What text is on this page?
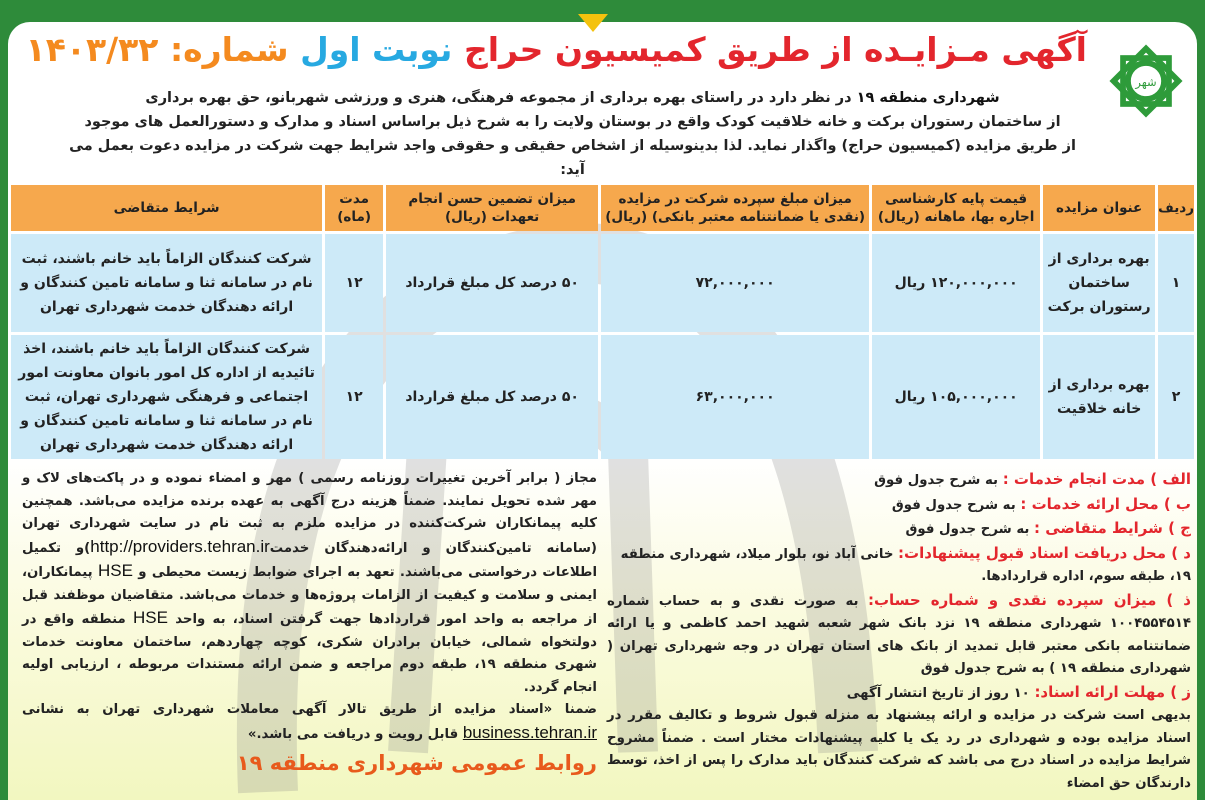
شهر
آگهی مـزایـده از طریق کمیسیون حراج نوبت اول شماره: ۱۴۰۳/۳۲
شهرداری منطقه ۱۹ در نظر دارد در راستای بهره برداری از مجموعه فرهنگی، هنری و ورزشی شهربانو، حق بهره برداری
از ساختمان رستوران برکت و خانه خلاقیت کودک واقع در بوستان ولایت را به شرح ذیل براساس اسناد و مدارک و دستورالعمل های موجود
از طریق مزایده (کمیسیون حراج) واگذار نماید. لذا بدینوسیله از اشخاص حقیقی و حقوقی واجد شرایط جهت شرکت در مزایده دعوت بعمل می آید:
ردیف	عنوان مزایده	قیمت پایه کارشناسی اجاره بها، ماهانه (ریال)	میزان مبلغ سپرده شرکت در مزایده (نقدی یا ضمانتنامه معتبر بانکی) (ریال)	میزان تضمین حسن انجام تعهدات (ریال)	مدت (ماه)	شرایط متقاضی
۱	بهره برداری از ساختمان رستوران برکت	۱۲۰,۰۰۰,۰۰۰ ریال	۷۲,۰۰۰,۰۰۰	۵۰ درصد کل مبلغ قرارداد	۱۲	شرکت کنندگان الزاماً باید خانم باشند، ثبت نام در سامانه ثنا و سامانه تامین کنندگان و ارائه دهندگان خدمت شهرداری تهران
۲	بهره برداری از خانه خلاقیت	۱۰۵,۰۰۰,۰۰۰ ریال	۶۳,۰۰۰,۰۰۰	۵۰ درصد کل مبلغ قرارداد	۱۲	شرکت کنندگان الزاماً باید خانم باشند، اخذ تائیدیه از اداره کل امور بانوان معاونت امور اجتماعی و فرهنگی شهرداری تهران، ثبت نام در سامانه ثنا و سامانه تامین کنندگان و ارائه دهندگان خدمت شهرداری تهران
الف ) مدت انجام خدمات : به شرح جدول فوق
ب ) محل ارائه خدمات : به شرح جدول فوق
ج ) شرایط متقاضی : به شرح جدول فوق
د ) محل دریافت اسناد قبول پیشنهادات: خانی آباد نو، بلوار میلاد، شهرداری منطقه ۱۹، طبقه سوم، اداره قراردادها.
ذ ) میزان سپرده نقدی و شماره حساب: به صورت نقدی و به حساب شماره ۱۰۰۴۵۵۴۵۱۴ شهرداری منطقه ۱۹ نزد بانک شهر شعبه شهید احمد کاظمی و یا ارائه ضمانتنامه بانکی معتبر قابل تمدید از بانک های استان تهران در وجه شهرداری تهران ( شهرداری منطقه ۱۹ ) به شرح جدول فوق
ز ) مهلت ارائه اسناد: ۱۰ روز از تاریخ انتشار آگهی
بدیهی است شرکت در مزایده و ارائه پیشنهاد به منزله قبول شروط و تکالیف مقرر در اسناد مزایده بوده و شهرداری در رد یک یا کلیه پیشنهادات مختار است . ضمناً مشروح شرایط مزایده در اسناد درج می باشد که شرکت کنندگان باید مدارک را پس از اخذ، توسط دارندگان حق امضاء
مجاز ( برابر آخرین تغییرات روزنامه رسمی ) مهر و امضاء نموده و در پاکت‌های لاک و مهر شده تحویل نمایند. ضمناً هزینه درج آگهی به عهده برنده مزایده می‌باشد. همچنین کلیه پیمانکاران شرکت‌کننده در مزایده ملزم به ثبت نام در سایت شهرداری تهران (سامانه تامین‌کنندگان و ارائه‌دهندگان خدمتhttp://providers.tehran.ir)و تکمیل اطلاعات درخواستی می‌باشند. تعهد به اجرای ضوابط زیست محیطی و HSE پیمانکاران، ایمنی و سلامت و کیفیت از الزامات پروژه‌ها و خدمات می‌باشد. متقاضیان موظفند قبل از مراجعه به واحد امور قراردادها جهت گرفتن اسناد، به واحد HSE منطقه واقع در دولتخواه شمالی، خیابان برادران شکری، کوچه چهاردهم، ساختمان معاونت خدمات شهری منطقه ۱۹، طبقه دوم مراجعه و ضمن ارائه مستندات مربوطه ، ارزیابی اولیه انجام گردد.
ضمنا «اسناد مزایده از طریق تالار آگهی معاملات شهرداری تهران به نشانی business.tehran.ir قابل رویت و دریافت می باشد.»
روابط عمومی شهرداری منطقه ۱۹
